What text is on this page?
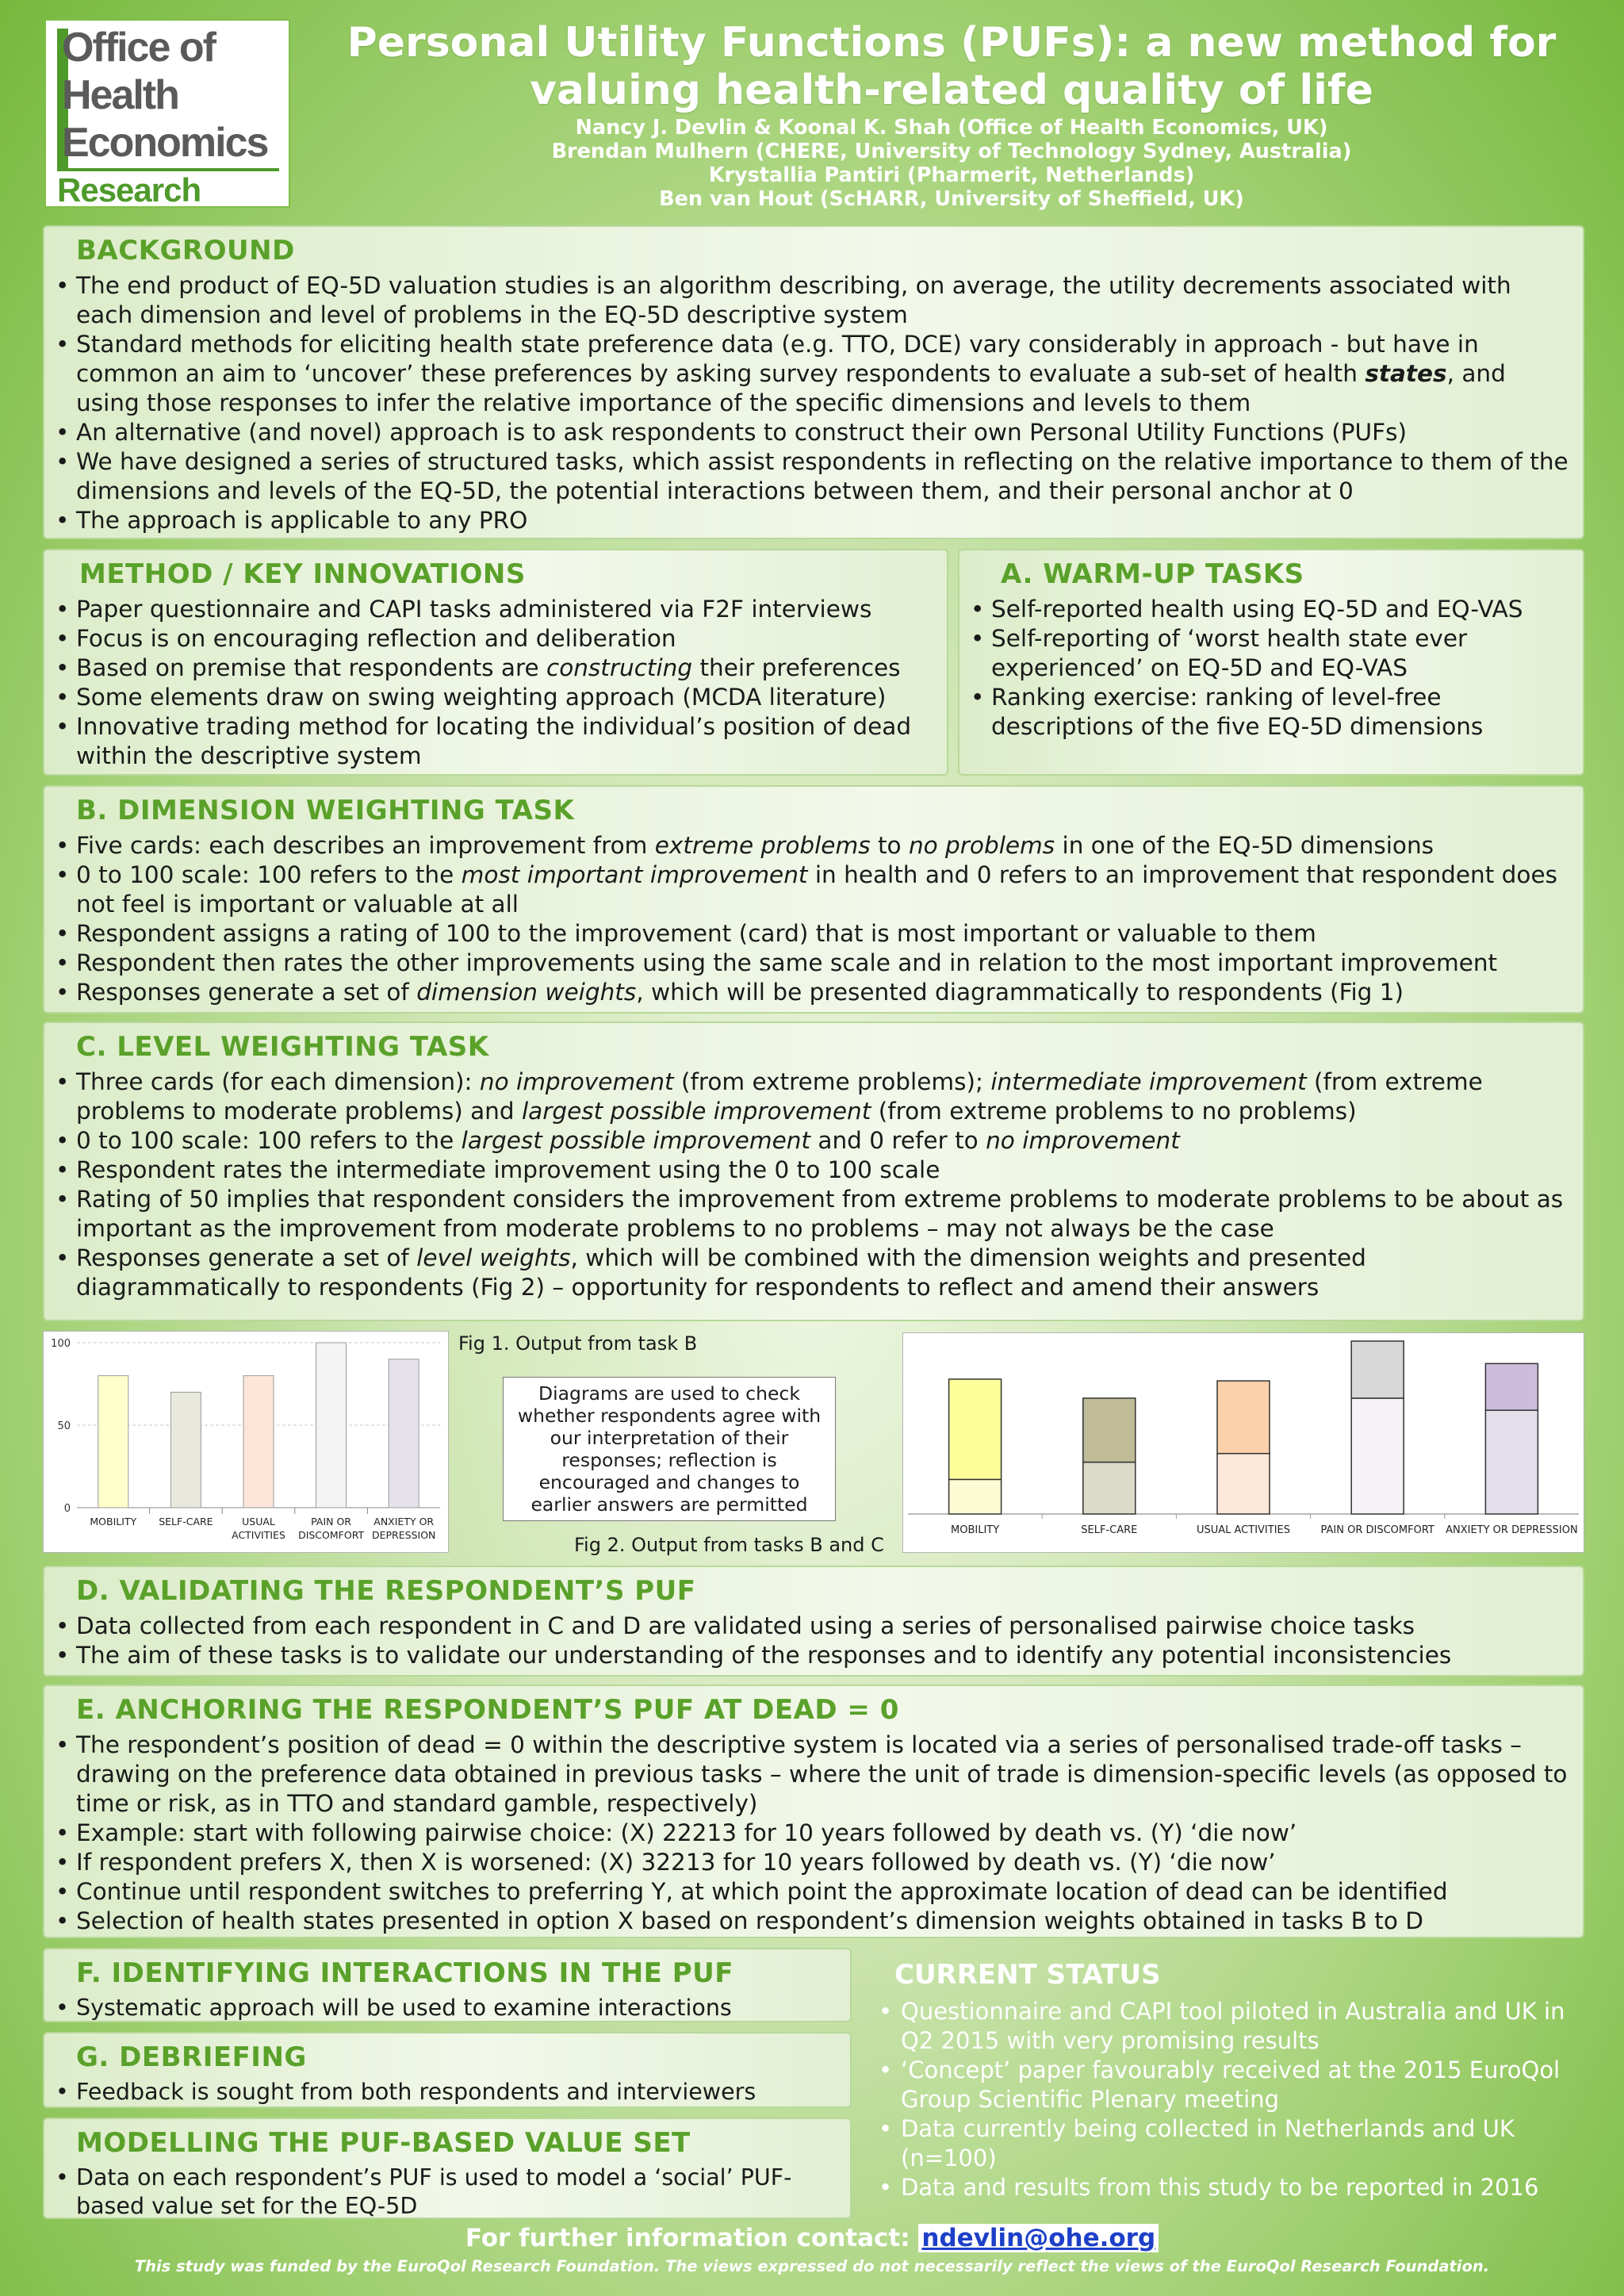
Office of
Health
Economics
Research
Personal Utility Functions (PUFs): a new method for
valuing health-related quality of life
Nancy J. Devlin & Koonal K. Shah (Office of Health Economics, UK)
Brendan Mulhern (CHERE, University of Technology Sydney, Australia)
Krystallia Pantiri (Pharmerit, Netherlands)
Ben van Hout (ScHARR, University of Sheffield, UK)
BACKGROUND
• The end product of EQ-5D valuation studies is an algorithm describing, on average, the utility decrements associated with each dimension and level of problems in the EQ-5D descriptive system
• Standard methods for eliciting health state preference data (e.g. TTO, DCE) vary considerably in approach - but have in common an aim to ‘uncover’ these preferences by asking survey respondents to evaluate a sub-set of health states, and using those responses to infer the relative importance of the specific dimensions and levels to them
• An alternative (and novel) approach is to ask respondents to construct their own Personal Utility Functions (PUFs)
• We have designed a series of structured tasks, which assist respondents in reflecting on the relative importance to them of the dimensions and levels of the EQ-5D, the potential interactions between them, and their personal anchor at 0
• The approach is applicable to any PRO
METHOD / KEY INNOVATIONS
• Paper questionnaire and CAPI tasks administered via F2F interviews
• Focus is on encouraging reflection and deliberation
• Based on premise that respondents are constructing their preferences
• Some elements draw on swing weighting approach (MCDA literature)
• Innovative trading method for locating the individual’s position of dead within the descriptive system
A. WARM-UP TASKS
• Self-reported health using EQ-5D and EQ-VAS
• Self-reporting of ‘worst health state ever experienced’ on EQ-5D and EQ-VAS
• Ranking exercise: ranking of level-free descriptions of the five EQ-5D dimensions
B. DIMENSION WEIGHTING TASK
• Five cards: each describes an improvement from extreme problems to no problems in one of the EQ-5D dimensions
• 0 to 100 scale: 100 refers to the most important improvement in health and 0 refers to an improvement that respondent does not feel is important or valuable at all
• Respondent assigns a rating of 100 to the improvement (card) that is most important or valuable to them
• Respondent then rates the other improvements using the same scale and in relation to the most important improvement
• Responses generate a set of dimension weights, which will be presented diagrammatically to respondents (Fig 1)
C. LEVEL WEIGHTING TASK
• Three cards (for each dimension): no improvement (from extreme problems); intermediate improvement (from extreme problems to moderate problems) and largest possible improvement (from extreme problems to no problems)
• 0 to 100 scale: 100 refers to the largest possible improvement and 0 refer to no improvement
• Respondent rates the intermediate improvement using the 0 to 100 scale
• Rating of 50 implies that respondent considers the improvement from extreme problems to moderate problems to be about as important as the improvement from moderate problems to no problems – may not always be the case
• Responses generate a set of level weights, which will be combined with the dimension weights and presented diagrammatically to respondents (Fig 2) – opportunity for respondents to reflect and amend their answers
0
50
100
MOBILITY SELF-CARE	USUAL
ACTIVITIES
PAIN OR
DISCOMFORT
ANXIETY OR
DEPRESSION
Fig 1. Output from task B
Diagrams are used to check whether respondents agree with our interpretation of their responses; reflection is encouraged and changes to earlier answers are permitted
Fig 2. Output from tasks B and C
MOBILITY	SELF-CARE	USUAL ACTIVITIES	PAIN OR DISCOMFORT ANXIETY OR DEPRESSION
D. VALIDATING THE RESPONDENT’S PUF
• Data collected from each respondent in C and D are validated using a series of personalised pairwise choice tasks
• The aim of these tasks is to validate our understanding of the responses and to identify any potential inconsistencies
E. ANCHORING THE RESPONDENT’S PUF AT DEAD = 0
• The respondent’s position of dead = 0 within the descriptive system is located via a series of personalised trade-off tasks – drawing on the preference data obtained in previous tasks – where the unit of trade is dimension-specific levels (as opposed to time or risk, as in TTO and standard gamble, respectively)
• Example: start with following pairwise choice: (X) 22213 for 10 years followed by death vs. (Y) ‘die now’
• If respondent prefers X, then X is worsened: (X) 32213 for 10 years followed by death vs. (Y) ‘die now’
• Continue until respondent switches to preferring Y, at which point the approximate location of dead can be identified
• Selection of health states presented in option X based on respondent’s dimension weights obtained in tasks B to D
F. IDENTIFYING INTERACTIONS IN THE PUF
• Systematic approach will be used to examine interactions
G. DEBRIEFING
• Feedback is sought from both respondents and interviewers
MODELLING THE PUF-BASED VALUE SET
• Data on each respondent’s PUF is used to model a ‘social’ PUF-based value set for the EQ-5D
CURRENT STATUS
• Questionnaire and CAPI tool piloted in Australia and UK in Q2 2015 with very promising results
• ‘Concept’ paper favourably received at the 2015 EuroQol Group Scientific Plenary meeting
• Data currently being collected in Netherlands and UK (n=100)
• Data and results from this study to be reported in 2016
For further information contact: ndevlin@ohe.org
This study was funded by the EuroQol Research Foundation. The views expressed do not necessarily reflect the views of the EuroQol Research Foundation.
